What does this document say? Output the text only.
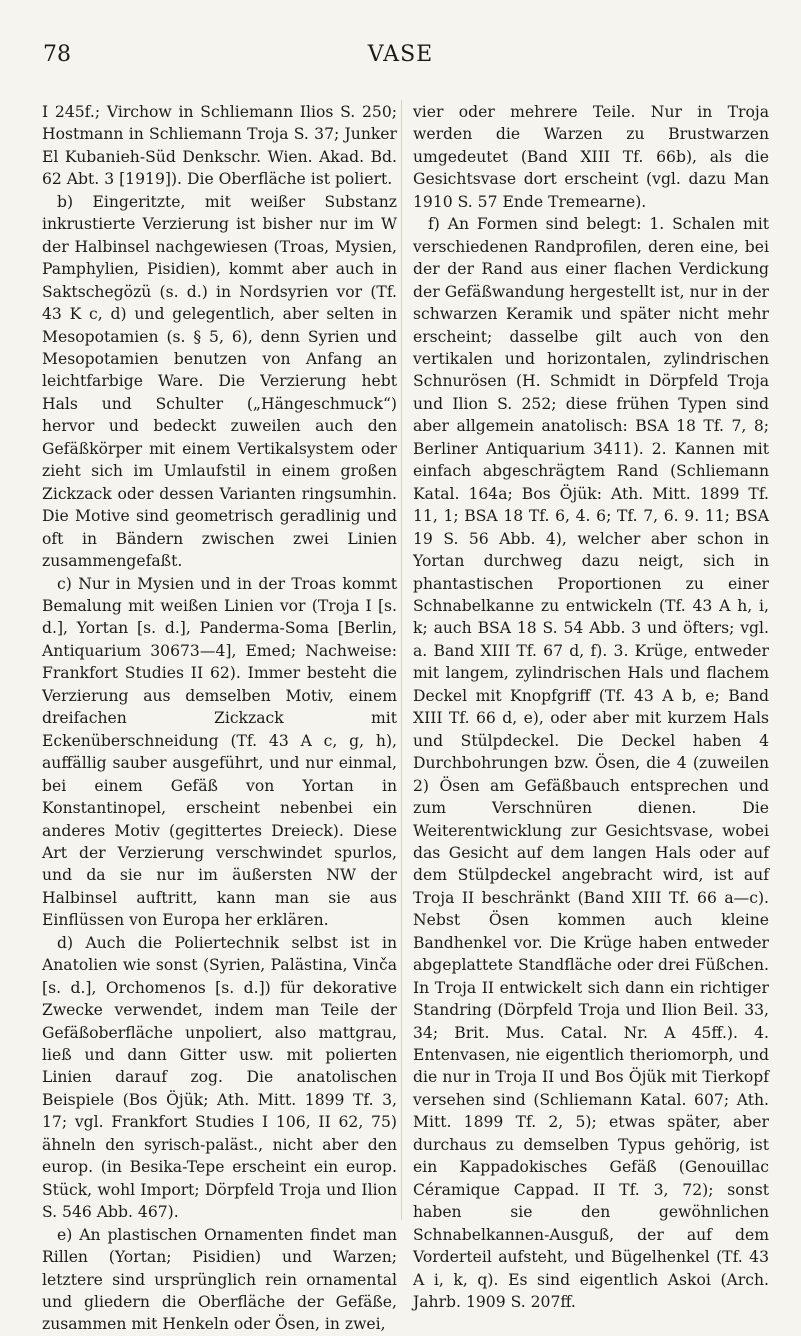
78	VASE

I 245f.; Virchow in Schliemann Ilios S. 250; Hostmann in Schliemann Troja S. 37; Junker El Kubanieh-Süd Denkschr. Wien. Akad. Bd. 62 Abt. 3 [1919]). Die Oberfläche ist poliert.

b) Eingeritzte, mit weißer Substanz inkrustierte Verzierung ist bisher nur im W der Halbinsel nachgewiesen (Troas, Mysien, Pamphylien, Pisidien), kommt aber auch in Saktschegözü (s. d.) in Nordsyrien vor (Tf. 43 K c, d) und gelegentlich, aber selten in Mesopotamien (s. § 5, 6), denn Syrien und Mesopotamien benutzen von Anfang an leichtfarbige Ware. Die Verzierung hebt Hals und Schulter („Hängeschmuck“) hervor und bedeckt zuweilen auch den Gefäßkörper mit einem Vertikalsystem oder zieht sich im Umlaufstil in einem großen Zickzack oder dessen Varianten ringsumhin. Die Motive sind geometrisch geradlinig und oft in Bändern zwischen zwei Linien zusammengefaßt.

c) Nur in Mysien und in der Troas kommt Bemalung mit weißen Linien vor (Troja I [s. d.], Yortan [s. d.], Panderma-Soma [Berlin, Antiquarium 30673—4], Emed; Nachweise: Frankfort Studies II 62). Immer besteht die Verzierung aus demselben Motiv, einem dreifachen Zickzack mit Eckenüberschneidung (Tf. 43 A c, g, h), auffällig sauber ausgeführt, und nur einmal, bei einem Gefäß von Yortan in Konstantinopel, erscheint nebenbei ein anderes Motiv (gegittertes Dreieck). Diese Art der Verzierung verschwindet spurlos, und da sie nur im äußersten NW der Halbinsel auftritt, kann man sie aus Einflüssen von Europa her erklären.

d) Auch die Poliertechnik selbst ist in Anatolien wie sonst (Syrien, Palästina, Vinča [s. d.], Orchomenos [s. d.]) für dekorative Zwecke verwendet, indem man Teile der Gefäßoberfläche unpoliert, also mattgrau, ließ und dann Gitter usw. mit polierten Linien darauf zog. Die anatolischen Beispiele (Bos Öjük; Ath. Mitt. 1899 Tf. 3, 17; vgl. Frankfort Studies I 106, II 62, 75) ähneln den syrisch-paläst., nicht aber den europ. (in Besika-Tepe erscheint ein europ. Stück, wohl Import; Dörpfeld Troja und Ilion S. 546 Abb. 467).

e) An plastischen Ornamenten findet man Rillen (Yortan; Pisidien) und Warzen; letztere sind ursprünglich rein ornamental und gliedern die Oberfläche der Gefäße, zusammen mit Henkeln oder Ösen, in zwei,

vier oder mehrere Teile. Nur in Troja werden die Warzen zu Brustwarzen umgedeutet (Band XIII Tf. 66b), als die Gesichtsvase dort erscheint (vgl. dazu Man 1910 S. 57 Ende Tremearne).

f) An Formen sind belegt: 1. Schalen mit verschiedenen Randprofilen, deren eine, bei der der Rand aus einer flachen Verdickung der Gefäßwandung hergestellt ist, nur in der schwarzen Keramik und später nicht mehr erscheint; dasselbe gilt auch von den vertikalen und horizontalen, zylindrischen Schnurösen (H. Schmidt in Dörpfeld Troja und Ilion S. 252; diese frühen Typen sind aber allgemein anatolisch: BSA 18 Tf. 7, 8; Berliner Antiquarium 3411). 2. Kannen mit einfach abgeschrägtem Rand (Schliemann Katal. 164a; Bos Öjük: Ath. Mitt. 1899 Tf. 11, 1; BSA 18 Tf. 6, 4. 6; Tf. 7, 6. 9. 11; BSA 19 S. 56 Abb. 4), welcher aber schon in Yortan durchweg dazu neigt, sich in phantastischen Proportionen zu einer Schnabelkanne zu entwickeln (Tf. 43 A h, i, k; auch BSA 18 S. 54 Abb. 3 und öfters; vgl. a. Band XIII Tf. 67 d, f). 3. Krüge, entweder mit langem, zylindrischen Hals und flachem Deckel mit Knopfgriff (Tf. 43 A b, e; Band XIII Tf. 66 d, e), oder aber mit kurzem Hals und Stülpdeckel. Die Deckel haben 4 Durchbohrungen bzw. Ösen, die 4 (zuweilen 2) Ösen am Gefäßbauch entsprechen und zum Verschnüren dienen. Die Weiterentwicklung zur Gesichtsvase, wobei das Gesicht auf dem langen Hals oder auf dem Stülpdeckel angebracht wird, ist auf Troja II beschränkt (Band XIII Tf. 66 a—c). Nebst Ösen kommen auch kleine Bandhenkel vor. Die Krüge haben entweder abgeplattete Standfläche oder drei Füßchen. In Troja II entwickelt sich dann ein richtiger Standring (Dörpfeld Troja und Ilion Beil. 33, 34; Brit. Mus. Catal. Nr. A 45ff.). 4. Entenvasen, nie eigentlich theriomorph, und die nur in Troja II und Bos Öjük mit Tierkopf versehen sind (Schliemann Katal. 607; Ath. Mitt. 1899 Tf. 2, 5); etwas später, aber durchaus zu demselben Typus gehörig, ist ein Kappadokisches Gefäß (Genouillac Céramique Cappad. II Tf. 3, 72); sonst haben sie den gewöhnlichen Schnabelkannen-Ausguß, der auf dem Vorderteil aufsteht, und Bügelhenkel (Tf. 43 A i, k, q). Es sind eigentlich Askoi (Arch. Jahrb. 1909 S. 207ff.
